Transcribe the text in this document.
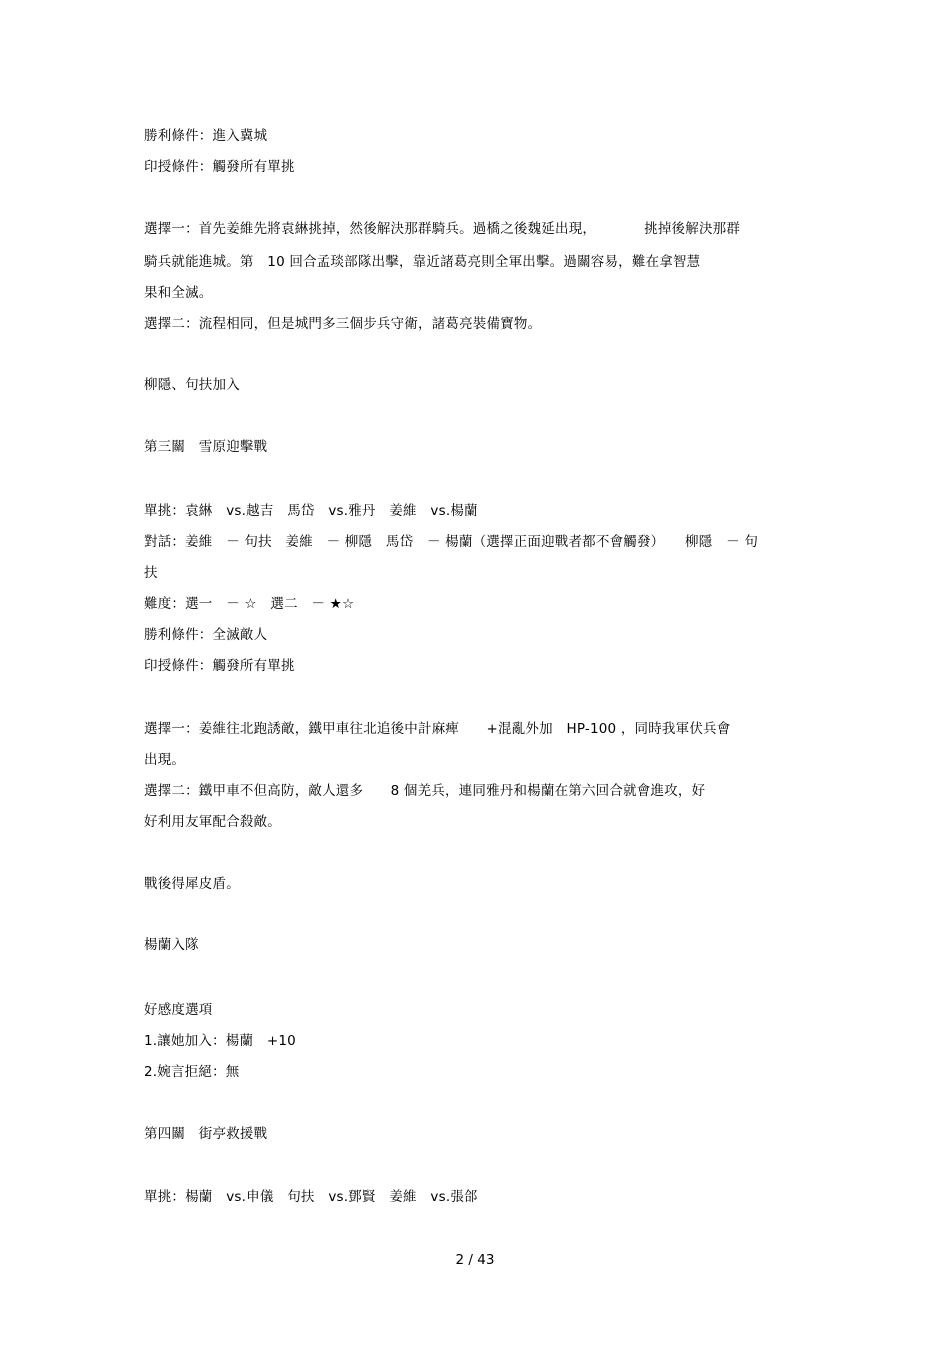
勝利條件：進入冀城
印授條件：觸發所有單挑
選擇一：首先姜維先將袁綝挑掉，然後解決那群騎兵。過橋之後魏延出現，　　　　挑掉後解決那群
騎兵就能進城。第　10 回合孟琰部隊出擊，靠近諸葛亮則全軍出擊。過關容易，難在拿智慧
果和全滅。
選擇二：流程相同，但是城門多三個步兵守衛，諸葛亮裝備寶物。
柳隱、句扶加入
第三關　雪原迎擊戰
單挑：袁綝　vs.越吉　馬岱　vs.雅丹　姜維　vs.楊蘭
對話：姜維　－ 句扶　姜維　－ 柳隱　馬岱　－ 楊蘭（選擇正面迎戰者都不會觸發）　　柳隱　－ 句
扶
難度：選一　－ ☆　選二　－ ★☆
勝利條件：全滅敵人
印授條件：觸發所有單挑
選擇一：姜維往北跑誘敵，鐵甲車往北追後中計麻痺　　+混亂外加　HP-100 ，同時我軍伏兵會
出現。
選擇二：鐵甲車不但高防，敵人還多　　8 個羌兵，連同雅丹和楊蘭在第六回合就會進攻，好
好利用友軍配合殺敵。
戰後得犀皮盾。
楊蘭入隊
好感度選項
1.讓她加入：楊蘭　+10
2.婉言拒絕：無
第四關　街亭救援戰
單挑：楊蘭　vs.申儀　句扶　vs.鄧賢　姜維　vs.張郃
2 / 43
